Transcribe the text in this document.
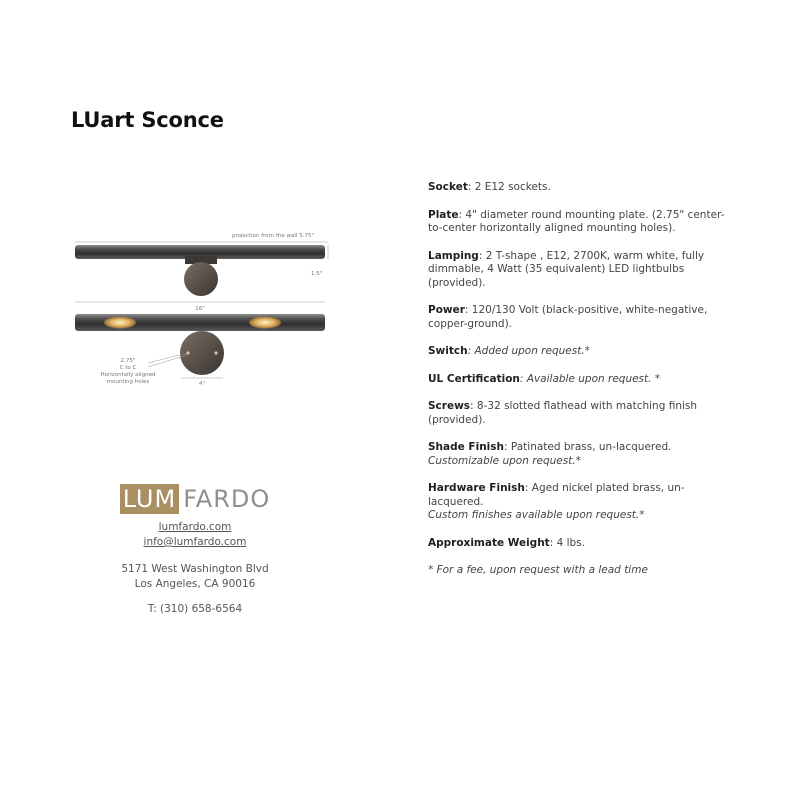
LUart Sconce
projection from the wall 5.75"
1.5"
16"
2.75"
C to C
Horizontally aligned
mounting holes	4"
LUM FARDO
lumfardo.com
info@lumfardo.com
5171 West Washington Blvd
Los Angeles, CA 90016
T: (310) 658-6564

Socket: 2 E12 sockets.

Plate: 4" diameter round mounting plate. (2.75" center-to-center horizontally aligned mounting holes).

Lamping: 2 T-shape , E12, 2700K, warm white, fully dimmable, 4 Watt (35 equivalent) LED lightbulbs (provided).

Power: 120/130 Volt (black-positive, white-negative, copper-ground).

Switch: Added upon request.*

UL Certification: Available upon request. *

Screws: 8-32 slotted flathead with matching finish (provided).

Shade Finish: Patinated brass, un-lacquered.
Customizable upon request.*

Hardware Finish: Aged nickel plated brass, un-lacquered.
Custom finishes available upon request.*

Approximate Weight: 4 lbs.

* For a fee, upon request with a lead time
